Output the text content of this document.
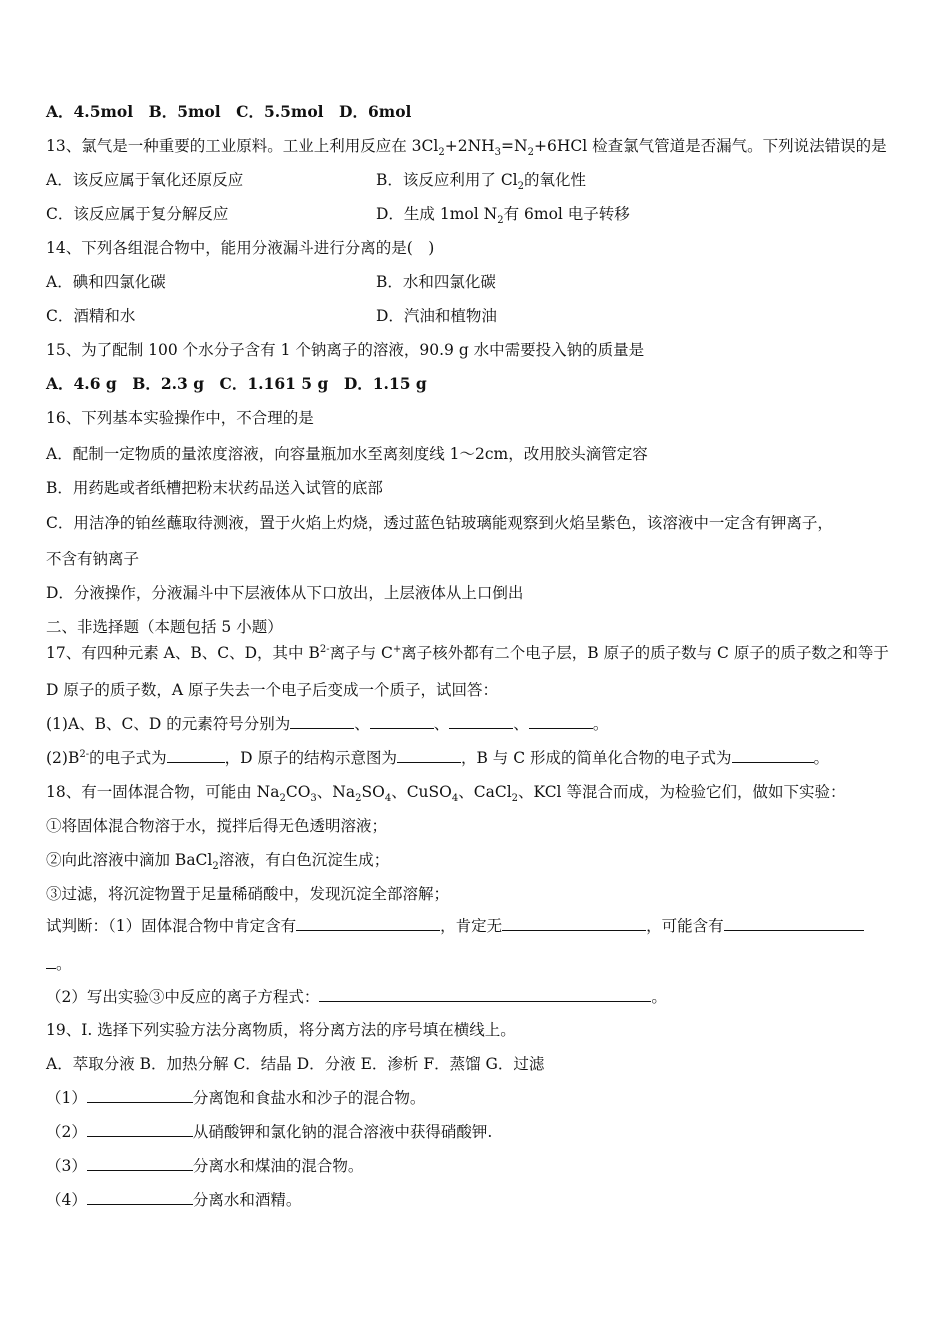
A．4.5mol　B．5mol　C．5.5mol　D．6mol
13、氯气是一种重要的工业原料。工业上利用反应在 $3Cl_2+2NH_3=N_2+6HCl$ 检查氯气管道是否漏气。下列说法错误的是
A．该反应属于氧化还原反应	B．该反应利用了 $Cl_2$的氧化性
C．该反应属于复分解反应	D．生成 1mol $N_2$有 6mol 电子转移
14、下列各组混合物中，能用分液漏斗进行分离的是(　)
A．碘和四氯化碳	B．水和四氯化碳
C．酒精和水	D．汽油和植物油
15、为了配制 100 个水分子含有 1 个钠离子的溶液，90.9 g 水中需要投入钠的质量是
A．4.6 g　B．2.3 g　C．1.161 5 g　D．1.15 g
16、下列基本实验操作中，不合理的是
A．配制一定物质的量浓度溶液，向容量瓶加水至离刻度线 1～2cm，改用胶头滴管定容
B．用药匙或者纸槽把粉末状药品送入试管的底部
C．用洁净的铂丝蘸取待测液，置于火焰上灼烧，透过蓝色钴玻璃能观察到火焰呈紫色，该溶液中一定含有钾离子，
不含有钠离子
D．分液操作，分液漏斗中下层液体从下口放出，上层液体从上口倒出
二、非选择题（本题包括 5 小题）
17、有四种元素 A、B、C、D，其中 $B^{2-}$离子与 C+离子核外都有二个电子层，B 原子的质子数与 C 原子的质子数之和等于
D 原子的质子数，A 原子失去一个电子后变成一个质子，试回答：
(1)A、B、C、D 的元素符号分别为	、	、	、	。
$(2)B^{2-}$的电子式为	，D 原子的结构示意图为	，B 与 C 形成的简单化合物的电子式为	。
18、有一固体混合物，可能由 $Na_2CO_3$、$Na_2SO_4$、CuSO$_4$、CaCl$_2$、KCl 等混合而成，为检验它们，做如下实验：
①将固体混合物溶于水，搅拌后得无色透明溶液；
②向此溶液中滴加 BaCl$_2$溶液，有白色沉淀生成；
③过滤，将沉淀物置于足量稀硝酸中，发现沉淀全部溶解；
试判断：（1）固体混合物中肯定含有	，肯定无	，可能含有
。
（2）写出实验③中反应的离子方程式：	。
19、Ⅰ. 选择下列实验方法分离物质，将分离方法的序号填在横线上。
A．萃取分液 B．加热分解 C．结晶 D．分液 E．渗析 F．蒸馏 G．过滤
（1）	分离饱和食盐水和沙子的混合物。
（2）	从硝酸钾和氯化钠的混合溶液中获得硝酸钾.
（3）	分离水和煤油的混合物。
（4）	分离水和酒精。
